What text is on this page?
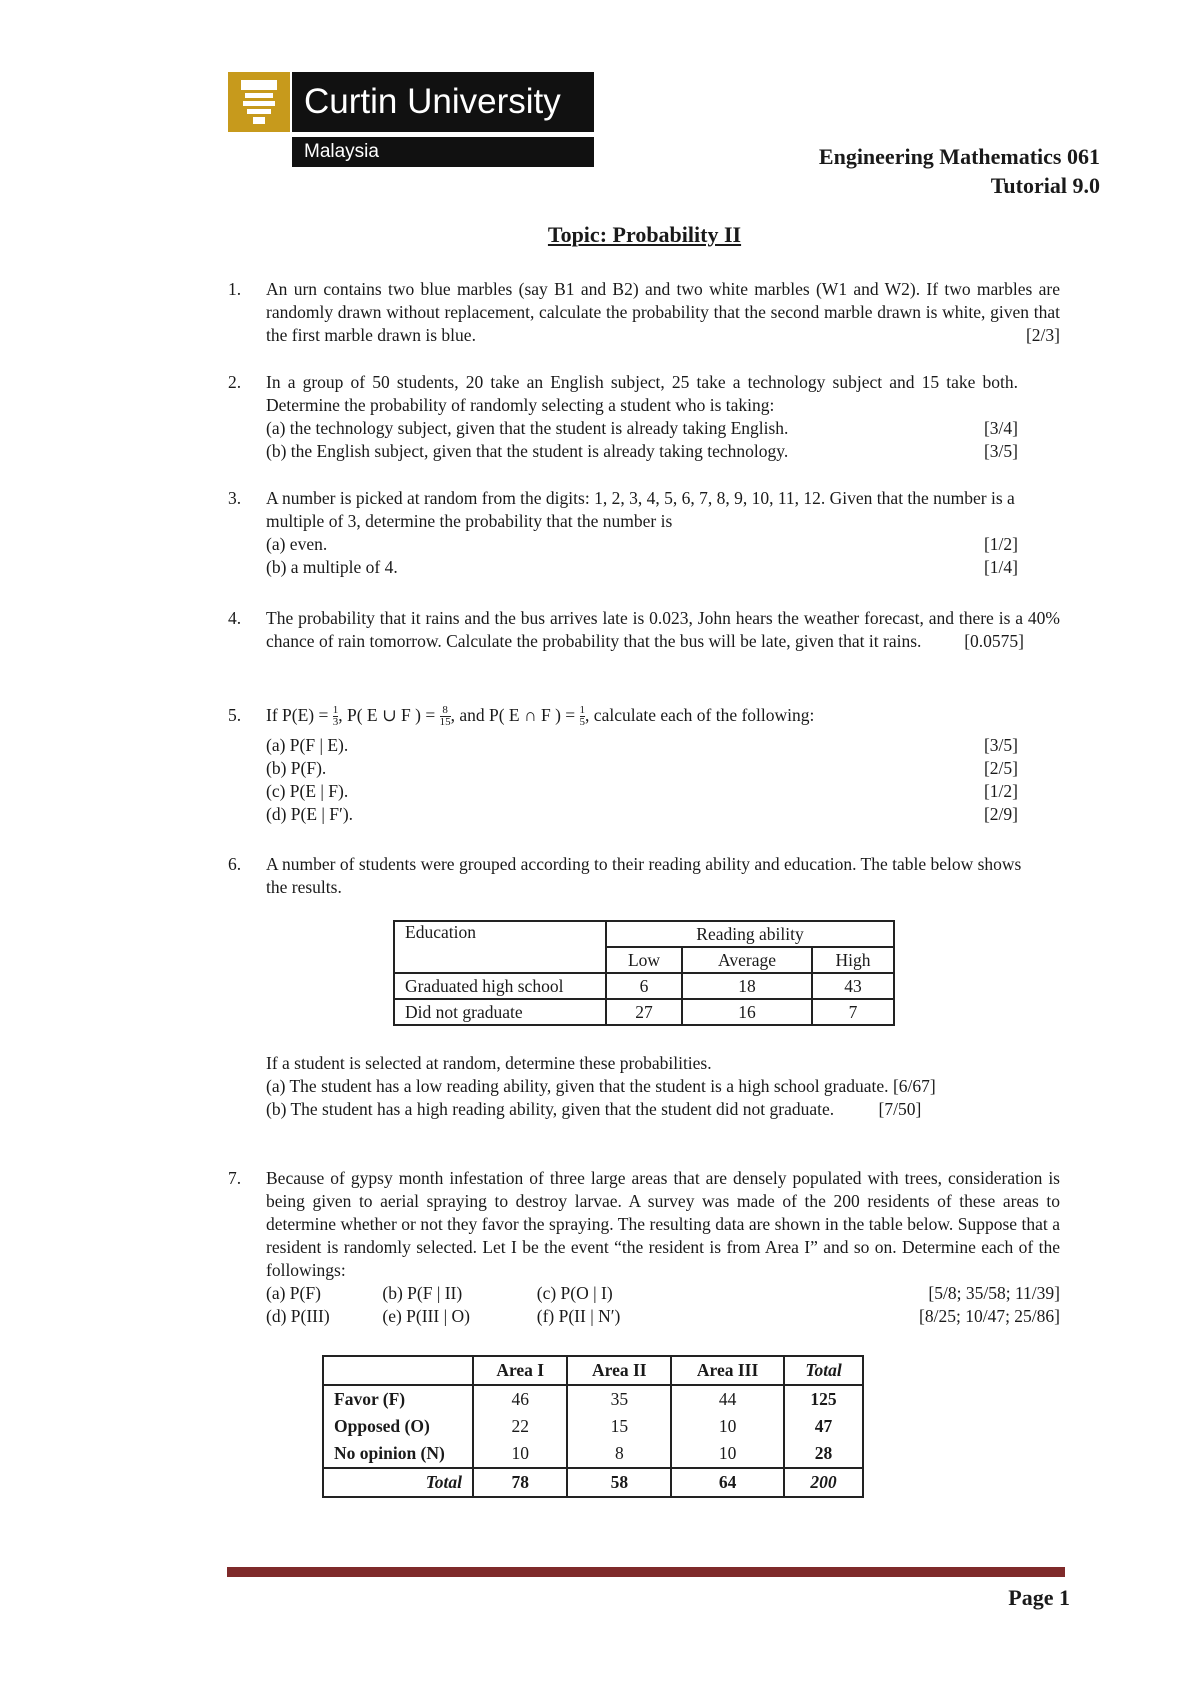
Curtin University
Malaysia	Engineering Mathematics 061
Tutorial 9.0
Topic: Probability II
1. An urn contains two blue marbles (say B1 and B2) and two white marbles (W1 and W2). If two marbles are randomly drawn without replacement, calculate the probability that the second marble drawn is white, given that the first marble drawn is blue.	[2/3]
2. In a group of 50 students, 20 take an English subject, 25 take a technology subject and 15 take both. Determine the probability of randomly selecting a student who is taking:
(a) the technology subject, given that the student is already taking English.	[3/4]
(b) the English subject, given that the student is already taking technology.	[3/5]
3. A number is picked at random from the digits: 1, 2, 3, 4, 5, 6, 7, 8, 9, 10, 11, 12. Given that the number is a multiple of 3, determine the probability that the number is
(a) even.	[1/2]
(b) a multiple of 4.	[1/4]
4. The probability that it rains and the bus arrives late is 0.023, John hears the weather forecast, and there is a 40% chance of rain tomorrow. Calculate the probability that the bus will be late, given that it rains. [0.0575]
5. If $P(E) = \frac{1}{3}$ , P( E ∪ F ) = $\frac{8}{15}$ , and P( E ∩ F ) = $\frac{1}{5}$ , calculate each of the following:
(a) P(F | E).	[3/5]
(b) P(F).	[2/5]
(c) P(E | F).	[1/2]
(d) P(E | F′).	[2/9]
6. A number of students were grouped according to their reading ability and education. The table below shows the results.
Education	Reading ability		
	Low	Average	High
Graduated high school	6	18	43
Did not graduate	27	16	7
If a student is selected at random, determine these probabilities.
(a) The student has a low reading ability, given that the student is a high school graduate. [6/67]
(b) The student has a high reading ability, given that the student did not graduate.	[7/50]
7. Because of gypsy month infestation of three large areas that are densely populated with trees, consideration is being given to aerial spraying to destroy larvae. A survey was made of the 200 residents of these areas to determine whether or not they favor the spraying. The resulting data are shown in the table below. Suppose that a resident is randomly selected. Let I be the event “the resident is from Area I” and so on. Determine each of the followings:
(a) P(F)	(b) P(F | II)	(c) P(O | I)	[5/8; 35/58; 11/39]
(d) P(III)	(e) P(III | O)	(f) P(II | N′)	[8/25; 10/47; 25/86]
	Area I	Area II	Area III	Total
Favor (F)	46	35	44	125
Opposed (O)	22	15	10	47
No opinion (N)	10	8	10	28
Total	78	58	64	200
Page 1
